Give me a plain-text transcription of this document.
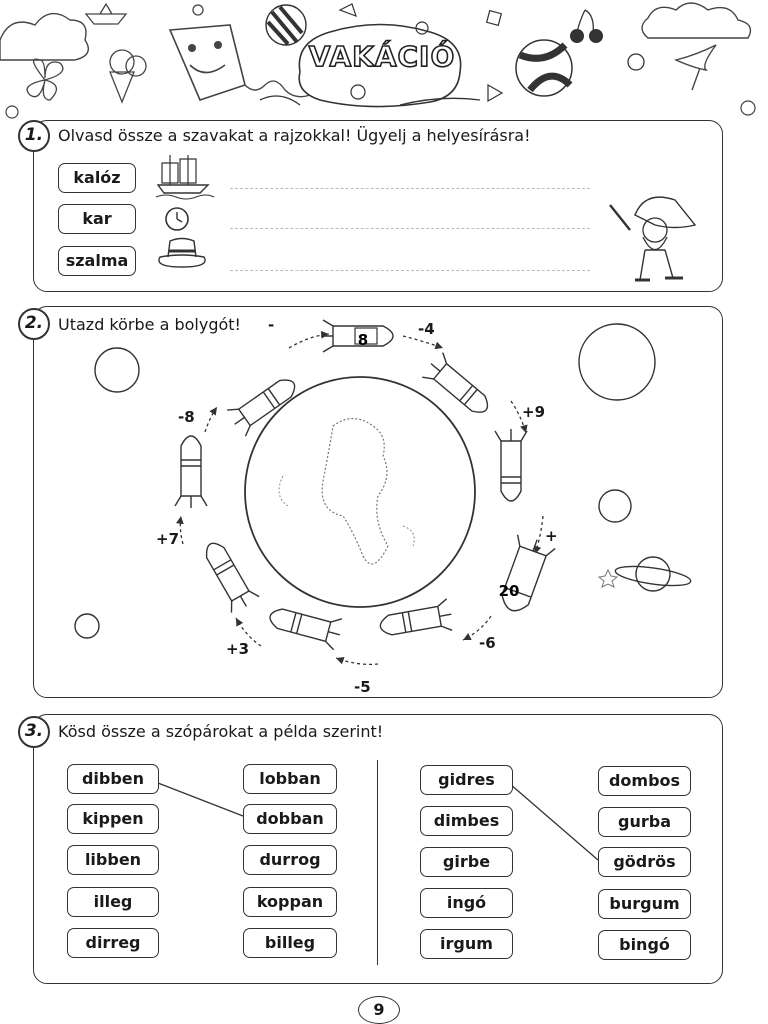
VAKÁCIÓ
1. Olvasd össze a szavakat a rajzokkal! Ügyelj a helyesírásra!
kalóz
kar
szalma
2. Utazd körbe a bolygót!
8
20
-4
+9
+
-6
-5
+3
+7
-8
-
3. Kösd össze a szópárokat a példa szerint!
dibben
kippen
libben
illeg
dirreg
lobban
dobban
durrog
koppan
billeg
gidres
dimbes
girbe
ingó
irgum
dombos
gurba
gödrös
burgum
bingó
9
